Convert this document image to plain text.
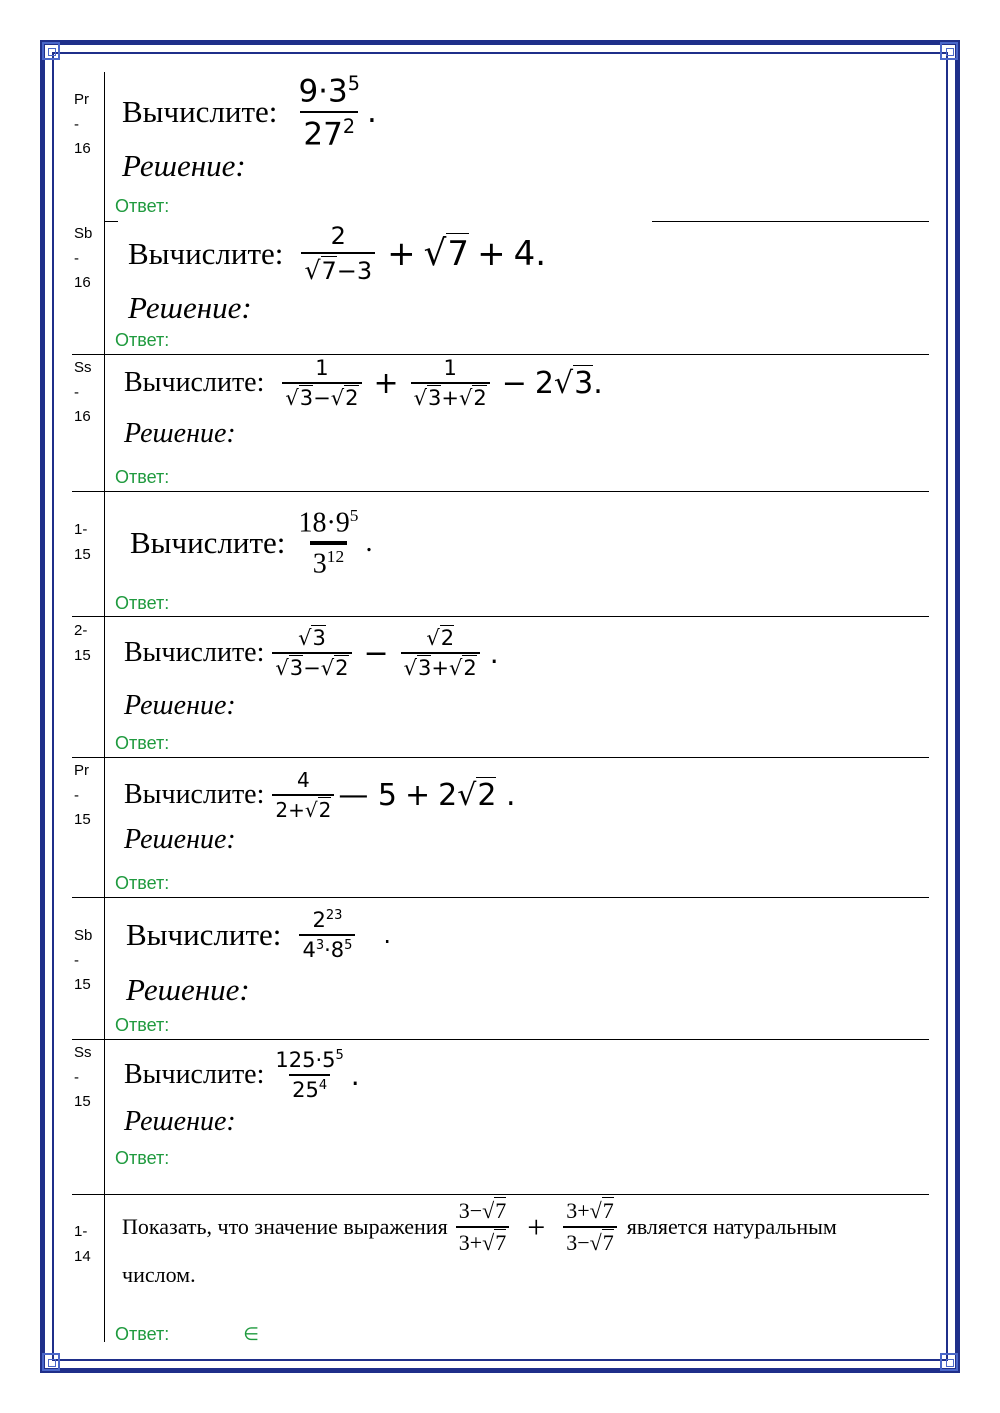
Pr
-
16
Вычислите: $\frac{9\cdot 3^5}{27^2}$ .
Решение:
Ответ:
Sb
-
16
Вычислите: $\frac{2}{√7-3} + √7 + 4$.
Решение:
Ответ:
Ss
-
16
Вычислите: $\frac{1}{√3-√2} + \frac{1}{√3+√2} - 2√3$.
Решение:
Ответ:
1-
15	Вычислите: $\frac{18\cdot 9^5}{3^{12}}$ .
Ответ:
2-
15	Вычислите: $\frac{√3}{√3-√2} - \frac{√2}{√3+√2}$ .
Решение:
Ответ:
Pr
-
15
Вычислите: $\frac{4}{2+√2}$ — 5 + 2√2 .
Решение:
Ответ:
Sb
-
15
Вычислите: $\frac{2^{23}}{4^3\cdot 8^5}$ .
Решение:
Ответ:
Ss
-
15
Вычислите: $\frac{125\cdot 5^5}{25^4}$ .
Решение:
Ответ:
1-
14
Показать, что значение выражения $\frac{3-√7}{3+√7} + \frac{3+√7}{3-√7}$ является натуральным
числом.
Ответ:	∈
